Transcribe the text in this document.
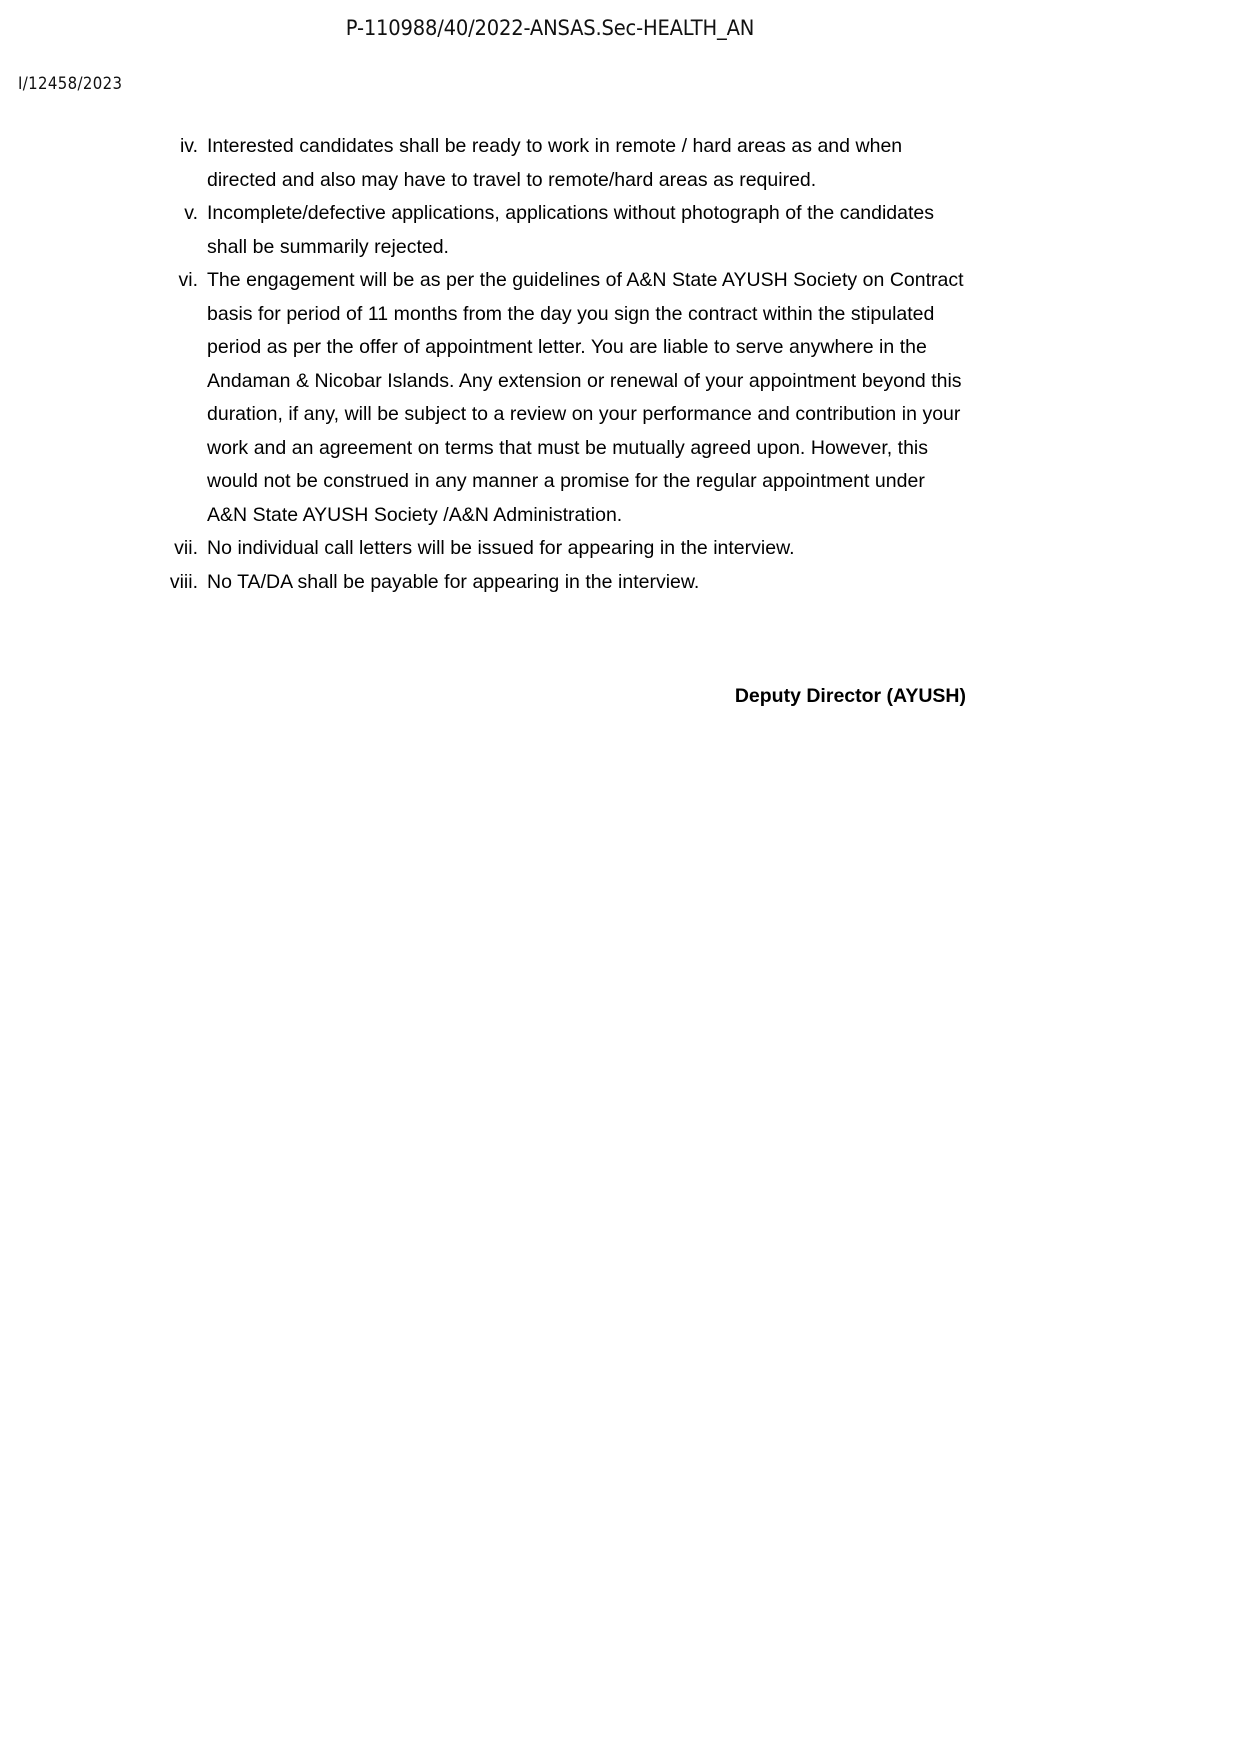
P-110988/40/2022-ANSAS.Sec-HEALTH_AN
I/12458/2023
iv. Interested candidates shall be ready to work in remote / hard areas as and when directed and also may have to travel to remote/hard areas as required.
v. Incomplete/defective applications, applications without photograph of the candidates shall be summarily rejected.
vi. The engagement will be as per the guidelines of A&N State AYUSH Society on Contract basis for period of 11 months from the day you sign the contract within the stipulated period as per the offer of appointment letter. You are liable to serve anywhere in the Andaman & Nicobar Islands. Any extension or renewal of your appointment beyond this duration, if any, will be subject to a review on your performance and contribution in your work and an agreement on terms that must be mutually agreed upon. However, this would not be construed in any manner a promise for the regular appointment under A&N State AYUSH Society /A&N Administration.
vii. No individual call letters will be issued for appearing in the interview.
viii. No TA/DA shall be payable for appearing in the interview.
Deputy Director (AYUSH)
